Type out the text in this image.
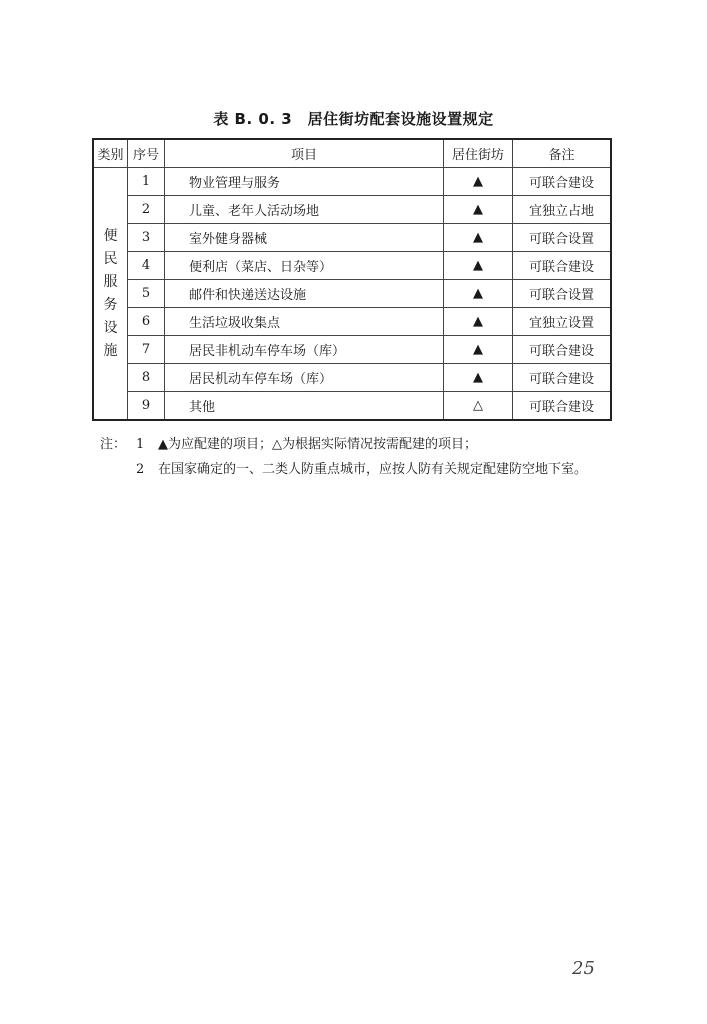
表 B. 0. 3　居住街坊配套设施设置规定
类别	序号	项目	居住街坊	备注
便民服务设施	1	物业管理与服务	▲	可联合建设
	2	儿童、老年人活动场地	▲	宜独立占地
	3	室外健身器械	▲	可联合设置
	4	便利店（菜店、日杂等）	▲	可联合建设
	5	邮件和快递送达设施	▲	可联合设置
	6	生活垃圾收集点	▲	宜独立设置
	7	居民非机动车停车场（库）	▲	可联合建设
	8	居民机动车停车场（库）	▲	可联合建设
	9	其他	△	可联合建设
注： 1 ▲为应配建的项目；△为根据实际情况按需配建的项目；
2 在国家确定的一、二类人防重点城市，应按人防有关规定配建防空地下室。
25
